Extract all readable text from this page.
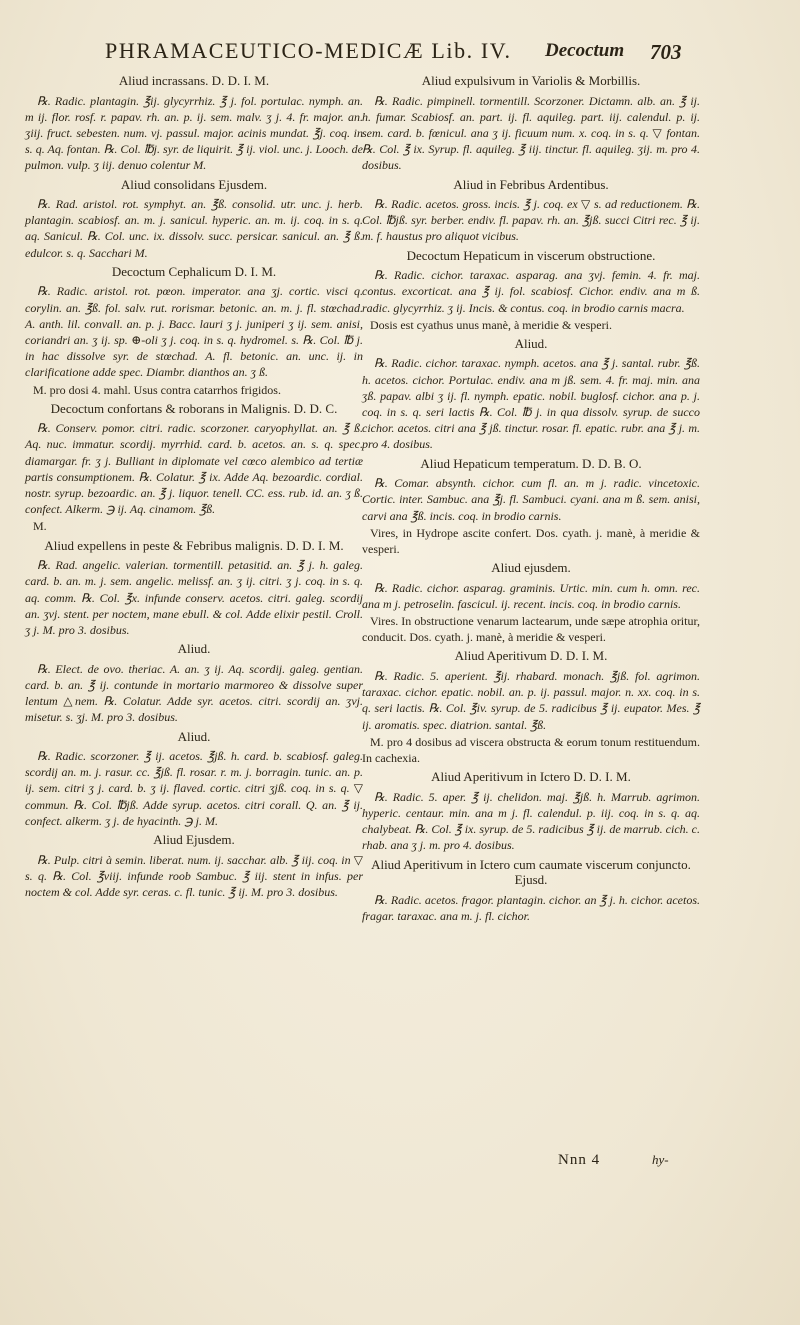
PHRAMACEUTICO-MEDICÆ Lib. IV. Decoctum 703
Aliud incrassans. D. D. I. M.

℞. Radic. plantagin. ℥ij. glycyrrhiz. ℥ j. fol. portulac. nymph. an. m ij. flor. rosf. r. papav. rh. an. p. ij. sem. malv. ʒ j. 4. fr. major. an. ʒiij. fruct. sebesten. num. vj. passul. major. acinis mundat. ℥j. coq. in s. q. Aq. fontan. ℞. Col. ℔j. syr. de liquirit. ℥ ij. viol. unc. j. Looch. de pulmon. vulp. ʒ iij. denuo colentur M.

Aliud consolidans Ejusdem.

℞. Rad. aristol. rot. symphyt. an. ℥ß. consolid. utr. unc. j. herb. plantagin. scabiosf. an. m. j. sanicul. hyperic. an. m. ij. coq. in s. q. aq. Sanicul. ℞. Col. unc. ix. dissolv. succ. persicar. sanicul. an. ℥ ß. edulcor. s. q. Sacchari M.

Decoctum Cephalicum D. I. M.

℞. Radic. aristol. rot. pœon. imperator. ana ʒj. cortic. visci q. corylin. an. ℥ß. fol. salv. rut. rorismar. betonic. an. m. j. fl. stœchad. A. anth. lil. convall. an. p. j. Bacc. lauri ʒ j. juniperi ʒ ij. sem. anisi, coriandri an. ʒ ij. sp. ⊕-oli ʒ j. coq. in s. q. hydromel. s. ℞. Col. ℔ j. in hac dissolve syr. de stœchad. A. fl. betonic. an. unc. ij. in clarificatione adde spec. Diambr. dianthos an. ʒ ß.

M. pro dosi 4. mahl. Usus contra catarrhos frigidos.

Decoctum confortans & roborans in Malignis. D. D. C.

℞. Conserv. pomor. citri. radic. scorzoner. caryophyllat. an. ℥ ß. Aq. nuc. immatur. scordij. myrrhid. card. b. acetos. an. s. q. spec. diamargar. fr. ʒ j. Bulliant in diplomate vel cœco alembico ad tertiæ partis consumptionem. ℞. Colatur. ℥ ix. Adde Aq. bezoardic. cordial. nostr. syrup. bezoardic. an. ℥ j. liquor. tenell. CC. ess. rub. id. an. ʒ ß. confect. Alkerm. ℈ ij. Aq. cinamom. ℥ß.

M.

Aliud expellens in peste & Febribus malignis. D. D. I. M.

℞. Rad. angelic. valerian. tormentill. petasitid. an. ℥ j. h. galeg. card. b. an. m. j. sem. angelic. melissf. an. ʒ ij. citri. ʒ j. coq. in s. q. aq. comm. ℞. Col. ℥x. infunde conserv. acetos. citri. galeg. scordij an. ʒvj. stent. per noctem, mane ebull. & col. Adde elixir pestil. Croll. ʒ j. M. pro 3. dosibus.

Aliud.

℞. Elect. de ovo. theriac. A. an. ʒ ij. Aq. scordij. galeg. gentian. card. b. an. ℥ ij. contunde in mortario marmoreo & dissolve super lentum △nem. ℞. Colatur. Adde syr. acetos. citri. scordij an. ʒvj. misetur. s. ʒj. M. pro 3. dosibus.

Aliud.

℞. Radic. scorzoner. ℥ ij. acetos. ℥jß. h. card. b. scabiosf. galeg. scordij an. m. j. rasur. cc. ℥jß. fl. rosar. r. m. j. borragin. tunic. an. p. ij. sem. citri ʒ j. card. b. ʒ ij. flaved. cortic. citri ʒjß. coq. in s. q. ▽ commun. ℞. Col. ℔jß. Adde syrup. acetos. citri corall. Q. an. ℥ ij. confect. alkerm. ʒ j. de hyacinth. ℈ j. M.

Aliud Ejusdem.

℞. Pulp. citri à semin. liberat. num. ij. sacchar. alb. ℥ iij. coq. in ▽ s. q. ℞. Col. ℥viij. infunde roob Sambuc. ℥ iij. stent in infus. per noctem & col. Adde syr. ceras. c. fl. tunic. ℥ ij. M. pro 3. dosibus.

Aliud expulsivum in Variolis & Morbillis.

℞. Radic. pimpinell. tormentill. Scorzoner. Dictamn. alb. an. ℥ ij. h. fumar. Scabiosf. an. part. ij. fl. aquileg. part. iij. calendul. p. ij. sem. card. b. fœnicul. ana ʒ ij. ficuum num. x. coq. in s. q. ▽ fontan. ℞. Col. ℥ ix. Syrup. fl. aquileg. ℥ iij. tinctur. fl. aquileg. ʒij. m. pro 4. dosibus.

Aliud in Febribus Ardentibus.

℞. Radic. acetos. gross. incis. ℥ j. coq. ex ▽ s. ad reductionem. ℞. Col. ℔jß. syr. berber. endiv. fl. papav. rh. an. ℥jß. succi Citri rec. ℥ ij. m. f. haustus pro aliquot vicibus.

Decoctum Hepaticum in viscerum obstructione.

℞. Radic. cichor. taraxac. asparag. ana ʒvj. femin. 4. fr. maj. contus. excorticat. ana ℥ ij. fol. scabiosf. Cichor. endiv. ana m ß. radic. glycyrrhiz. ʒ ij. Incis. & contus. coq. in brodio carnis macra.

Dosis est cyathus unus manè, à meridie & vesperi.

Aliud.

℞. Radic. cichor. taraxac. nymph. acetos. ana ℥ j. santal. rubr. ℥ß. h. acetos. cichor. Portulac. endiv. ana m jß. sem. 4. fr. maj. min. ana ʒß. papav. albi ʒ ij. fl. nymph. epatic. nobil. buglosf. cichor. ana p. j. coq. in s. q. seri lactis ℞. Col. ℔ j. in qua dissolv. syrup. de succo cichor. acetos. citri ana ℥ jß. tinctur. rosar. fl. epatic. rubr. ana ℥ j. m. pro 4. dosibus.

Aliud Hepaticum temperatum. D. D. B. O.

℞. Comar. absynth. cichor. cum fl. an. m j. radic. vincetoxic. Cortic. inter. Sambuc. ana ℥j. fl. Sambuci. cyani. ana m ß. sem. anisi, carvi ana ℥ß. incis. coq. in brodio carnis.

Vires, in Hydrope ascite confert. Dos. cyath. j. manè, à meridie & vesperi.

Aliud ejusdem.

℞. Radic. cichor. asparag. graminis. Urtic. min. cum h. omn. rec. ana m j. petroselin. fascicul. ij. recent. incis. coq. in brodio carnis.

Vires. In obstructione venarum lactearum, unde sæpe atrophia oritur, conducit. Dos. cyath. j. manè, à meridie & vesperi.

Aliud Aperitivum D. D. I. M.

℞. Radic. 5. aperient. ℥ij. rhabard. monach. ℥jß. fol. agrimon. taraxac. cichor. epatic. nobil. an. p. ij. passul. major. n. xx. coq. in s. q. seri lactis. ℞. Col. ℥iv. syrup. de 5. radicibus ℥ ij. eupator. Mes. ℥ ij. aromatis. spec. diatrion. santal. ℥ß.

M. pro 4 dosibus ad viscera obstructa & eorum tonum restituendum. In cachexia.

Aliud Aperitivum in Ictero D. D. I. M.

℞. Radic. 5. aper. ℥ ij. chelidon. maj. ℥jß. h. Marrub. agrimon. hyperic. centaur. min. ana m j. fl. calendul. p. iij. coq. in s. q. aq. chalybeat. ℞. Col. ℥ ix. syrup. de 5. radicibus ℥ ij. de marrub. cich. c. rhab. ana ʒ j. m. pro 4. dosibus.

Aliud Aperitivum in Ictero cum caumate viscerum conjuncto. Ejusd.

℞. Radic. acetos. fragor. plantagin. cichor. an ℥ j. h. cichor. acetos. fragar. taraxac. ana m. j. fl. cichor.

Nnn 4	hy-
